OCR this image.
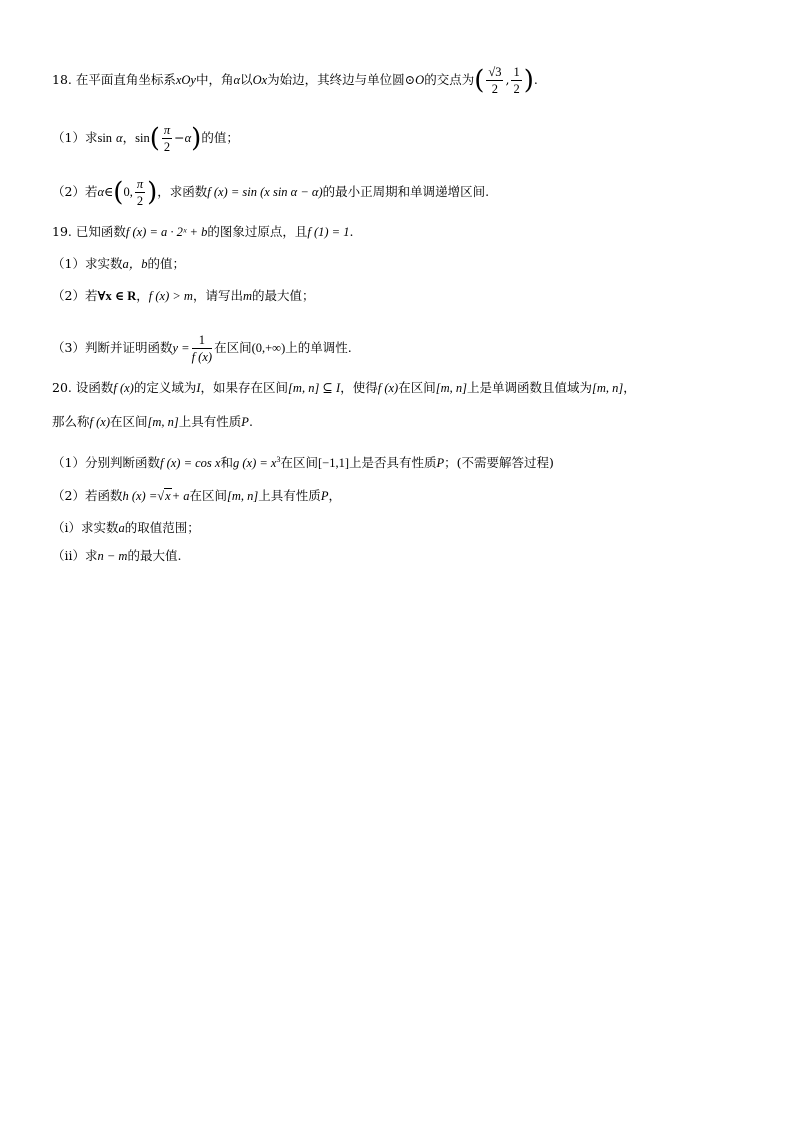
18. 在平面直角坐标系xOy中，角α以Ox为始边，其终边与单位圆⊙O的交点为( $\frac{√3}{2}$ , $\frac{1}{2}$ ).
（1）求sin α，$\sin( \frac{\pi}{2} -\alpha)$的值；
（2）若α∈(0, $\frac{\pi}{2}$ )，求函数f (x) = sin (x sin α − α)的最小正周期和单调递增区间.
19. 已知函数f (x) = a · 2ˣ + b的图象过原点，且f (1) = 1.
（1）求实数a，b的值；
（2）若∀x ∈ R，f (x) > m，请写出m的最大值；
（3）判断并证明函数$y = \frac{1}{f (x)}$ 在区间(0,+∞)上的单调性.
20. 设函数f (x)的定义域为I，如果存在区间[m, n] ⊆ I，使得f (x)在区间[m, n]上是单调函数且值域为[m, n]，
那么称f (x)在区间[m, n]上具有性质P.
（1）分别判断函数f (x) = cos x和g $(x) = x^3$在区间[−1,1]上是否具有性质P；(不需要解答过程)
（2）若函数h (x) =√x+ a在区间[m, n]上具有性质P，
（i）求实数a的取值范围；
（ii）求n − m的最大值.
